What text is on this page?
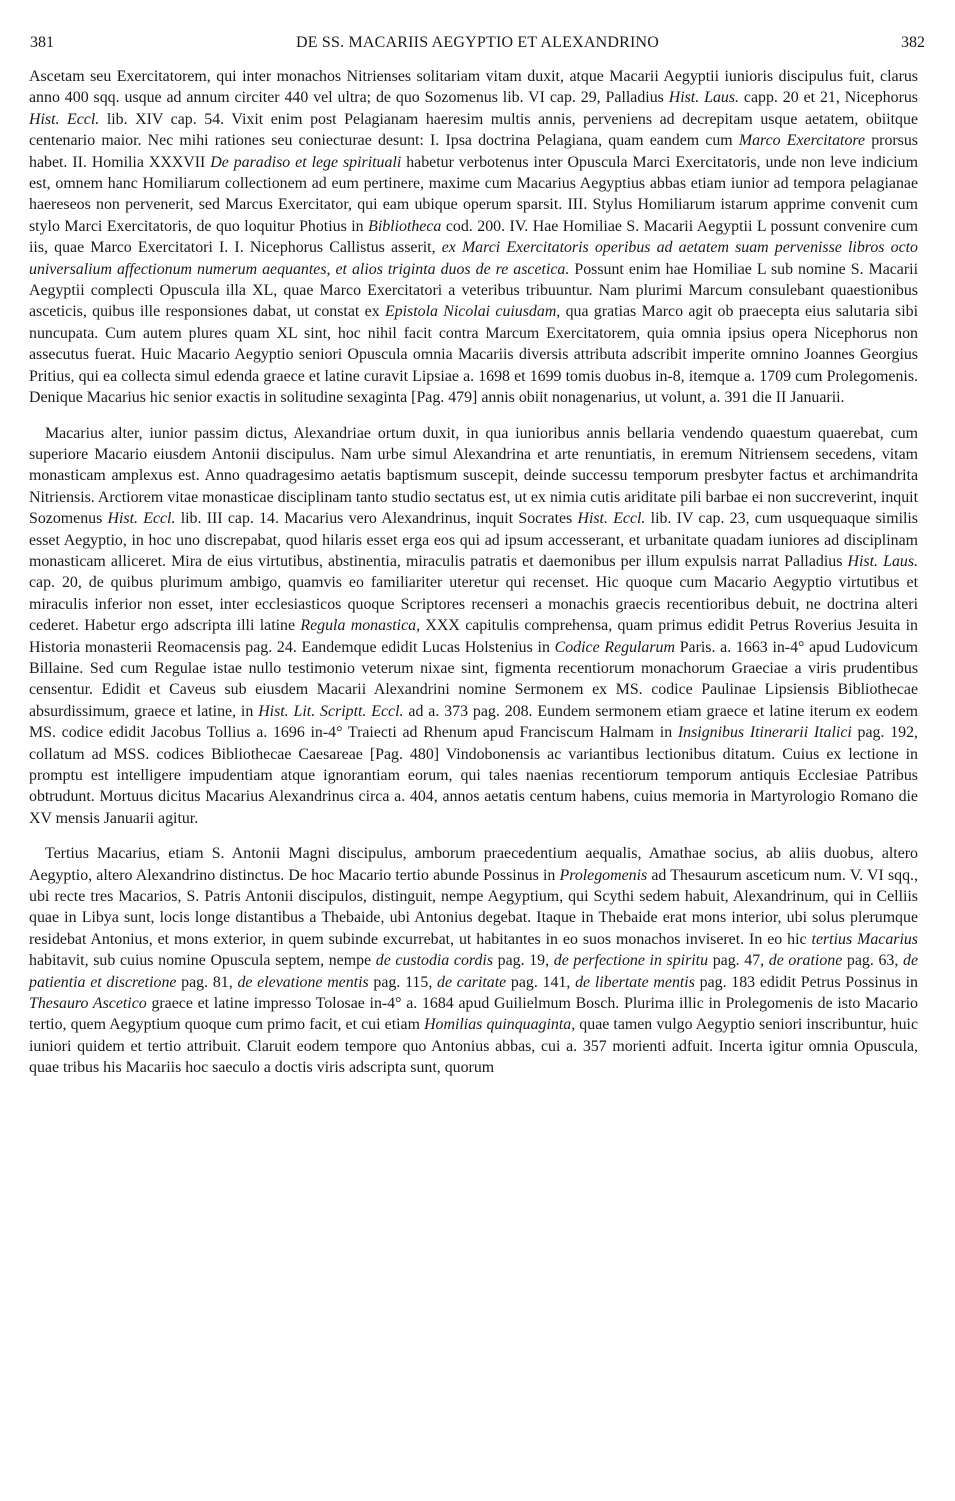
381	DE SS. MACARIIS AEGYPTIO ET ALEXANDRINO	382

Ascetam seu Exercitatorem, qui inter monachos Nitrienses solitariam vitam duxit, atque Macarii Aegyptii iunioris discipulus fuit, clarus anno 400 sqq. usque ad annum circiter 440 vel ultra; de quo Sozomenus lib. VI cap. 29, Palladius Hist. Laus. capp. 20 et 21, Nicephorus Hist. Eccl. lib. XIV cap. 54. Vixit enim post Pelagianam haeresim multis annis, perveniens ad decrepitam usque aetatem, obiitque centenario maior. Nec mihi rationes seu coniecturae desunt: I. Ipsa doctrina Pelagiana, quam eandem cum Marco Exercitatore prorsus habet. II. Homilia XXXVII De paradiso et lege spirituali habetur verbotenus inter Opuscula Marci Exercitatoris, unde non leve indicium est, omnem hanc Homiliarum collectionem ad eum pertinere, maxime cum Macarius Aegyptius abbas etiam iunior ad tempora pelagianae haereseos non pervenerit, sed Marcus Exercitator, qui eam ubique operum sparsit. III. Stylus Homiliarum istarum apprime convenit cum stylo Marci Exercitatoris, de quo loquitur Photius in Bibliotheca cod. 200. IV. Hae Homiliae S. Macarii Aegyptii L possunt convenire cum iis, quae Marco Exercitatori I. I. Nicephorus Callistus asserit, ex Marci Exercitatoris operibus ad aetatem suam pervenisse libros octo universalium affectionum numerum aequantes, et alios triginta duos de re ascetica. Possunt enim hae Homiliae L sub nomine S. Macarii Aegyptii complecti Opuscula illa XL, quae Marco Exercitatori a veteribus tribuuntur. Nam plurimi Marcum consulebant quaestionibus asceticis, quibus ille responsiones dabat, ut constat ex Epistola Nicolai cuiusdam, qua gratias Marco agit ob praecepta eius salutaria sibi nuncupata. Cum autem plures quam XL sint, hoc nihil facit contra Marcum Exercitatorem, quia omnia ipsius opera Nicephorus non assecutus fuerat. Huic Macario Aegyptio seniori Opuscula omnia Macariis diversis attributa adscribit imperite omnino Joannes Georgius Pritius, qui ea collecta simul edenda graece et latine curavit Lipsiae a. 1698 et 1699 tomis duobus in-8, itemque a. 1709 cum Prolegomenis. Denique Macarius hic senior exactis in solitudine sexaginta [Pag. 479] annis obiit nonagenarius, ut volunt, a. 391 die II Januarii.

Macarius alter, iunior passim dictus, Alexandriae ortum duxit, in qua iunioribus annis bellaria vendendo quaestum quaerebat, cum superiore Macario eiusdem Antonii discipulus. Nam urbe simul Alexandrina et arte renuntiatis, in eremum Nitriensem secedens, vitam monasticam amplexus est. Anno quadragesimo aetatis baptismum suscepit, deinde successu temporum presbyter factus et archimandrita Nitriensis. Arctiorem vitae monasticae disciplinam tanto studio sectatus est, ut ex nimia cutis ariditate pili barbae ei non succreverint, inquit Sozomenus Hist. Eccl. lib. III cap. 14. Macarius vero Alexandrinus, inquit Socrates Hist. Eccl. lib. IV cap. 23, cum usquequaque similis esset Aegyptio, in hoc uno discrepabat, quod hilaris esset erga eos qui ad ipsum accesserant, et urbanitate quadam iuniores ad disciplinam monasticam alliceret. Mira de eius virtutibus, abstinentia, miraculis patratis et daemonibus per illum expulsis narrat Palladius Hist. Laus. cap. 20, de quibus plurimum ambigo, quamvis eo familiariter uteretur qui recenset. Hic quoque cum Macario Aegyptio virtutibus et miraculis inferior non esset, inter ecclesiasticos quoque Scriptores recenseri a monachis graecis recentioribus debuit, ne doctrina alteri cederet. Habetur ergo adscripta illi latine Regula monastica, XXX capitulis comprehensa, quam primus edidit Petrus Roverius Jesuita in Historia monasterii Reomacensis pag. 24. Eandemque edidit Lucas Holstenius in Codice Regularum Paris. a. 1663 in-4° apud Ludovicum Billaine. Sed cum Regulae istae nullo testimonio veterum nixae sint, figmenta recentiorum monachorum Graeciae a viris prudentibus censentur. Edidit et Caveus sub eiusdem Macarii Alexandrini nomine Sermonem ex MS. codice Paulinae Lipsiensis Bibliothecae absurdissimum, graece et latine, in Hist. Lit. Scriptt. Eccl. ad a. 373 pag. 208. Eundem sermonem etiam graece et latine iterum ex eodem MS. codice edidit Jacobus Tollius a. 1696 in-4° Traiecti ad Rhenum apud Franciscum Halmam in Insignibus Itinerarii Italici pag. 192, collatum ad MSS. codices Bibliothecae Caesareae [Pag. 480] Vindobonensis ac variantibus lectionibus ditatum. Cuius ex lectione in promptu est intelligere impudentiam atque ignorantiam eorum, qui tales naenias recentiorum temporum antiquis Ecclesiae Patribus obtrudunt. Mortuus dicitus Macarius Alexandrinus circa a. 404, annos aetatis centum habens, cuius memoria in Martyrologio Romano die XV mensis Januarii agitur.

Tertius Macarius, etiam S. Antonii Magni discipulus, amborum praecedentium aequalis, Amathae socius, ab aliis duobus, altero Aegyptio, altero Alexandrino distinctus. De hoc Macario tertio abunde Possinus in Prolegomenis ad Thesaurum asceticum num. V. VI sqq., ubi recte tres Macarios, S. Patris Antonii discipulos, distinguit, nempe Aegyptium, qui Scythi sedem habuit, Alexandrinum, qui in Celliis quae in Libya sunt, locis longe distantibus a Thebaide, ubi Antonius degebat. Itaque in Thebaide erat mons interior, ubi solus plerumque residebat Antonius, et mons exterior, in quem subinde excurrebat, ut habitantes in eo suos monachos inviseret. In eo hic tertius Macarius habitavit, sub cuius nomine Opuscula septem, nempe de custodia cordis pag. 19, de perfectione in spiritu pag. 47, de oratione pag. 63, de patientia et discretione pag. 81, de elevatione mentis pag. 115, de caritate pag. 141, de libertate mentis pag. 183 edidit Petrus Possinus in Thesauro Ascetico graece et latine impresso Tolosae in-4° a. 1684 apud Guilielmum Bosch. Plurima illic in Prolegomenis de isto Macario tertio, quem Aegyptium quoque cum primo facit, et cui etiam Homilias quinquaginta, quae tamen vulgo Aegyptio seniori inscribuntur, huic iuniori quidem et tertio attribuit. Claruit eodem tempore quo Antonius abbas, cui a. 357 morienti adfuit. Incerta igitur omnia Opuscula, quae tribus his Macariis hoc saeculo a doctis viris adscripta sunt, quorum
